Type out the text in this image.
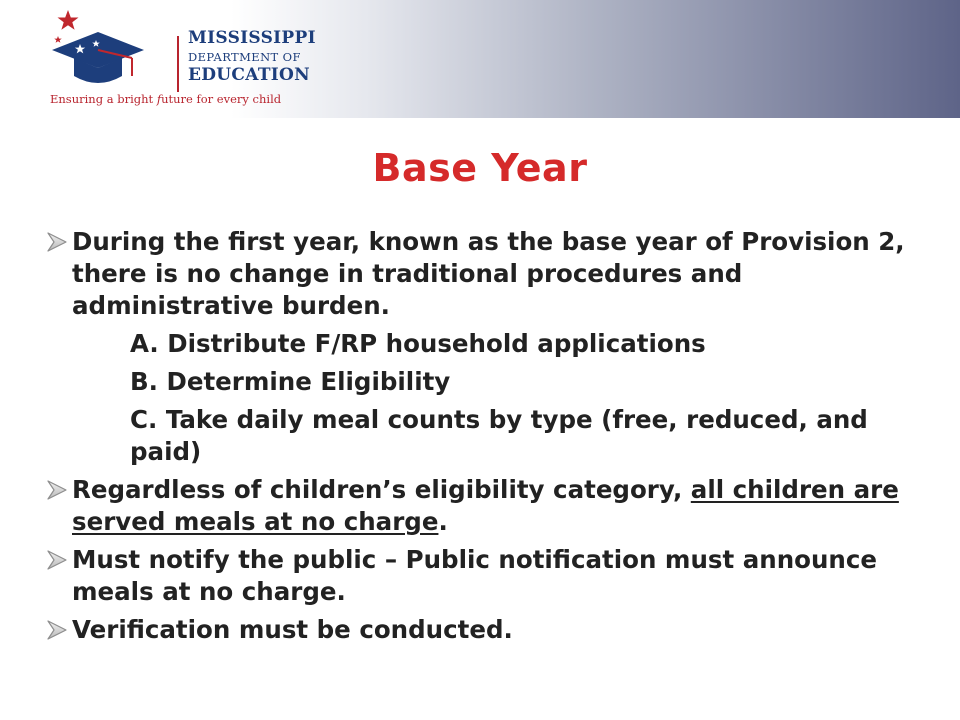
MISSISSIPPI
DEPARTMENT OF
EDUCATION
Ensuring a bright future for every child
Base Year
During the first year, known as the base year of Provision 2, there is no change in traditional procedures and administrative burden.
A. Distribute F/RP household applications
B. Determine Eligibility
C. Take daily meal counts by type (free, reduced, and paid)
Regardless of children’s eligibility category, all children are served meals at no charge.
Must notify the public – Public notification must announce meals at no charge.
Verification must be conducted.
